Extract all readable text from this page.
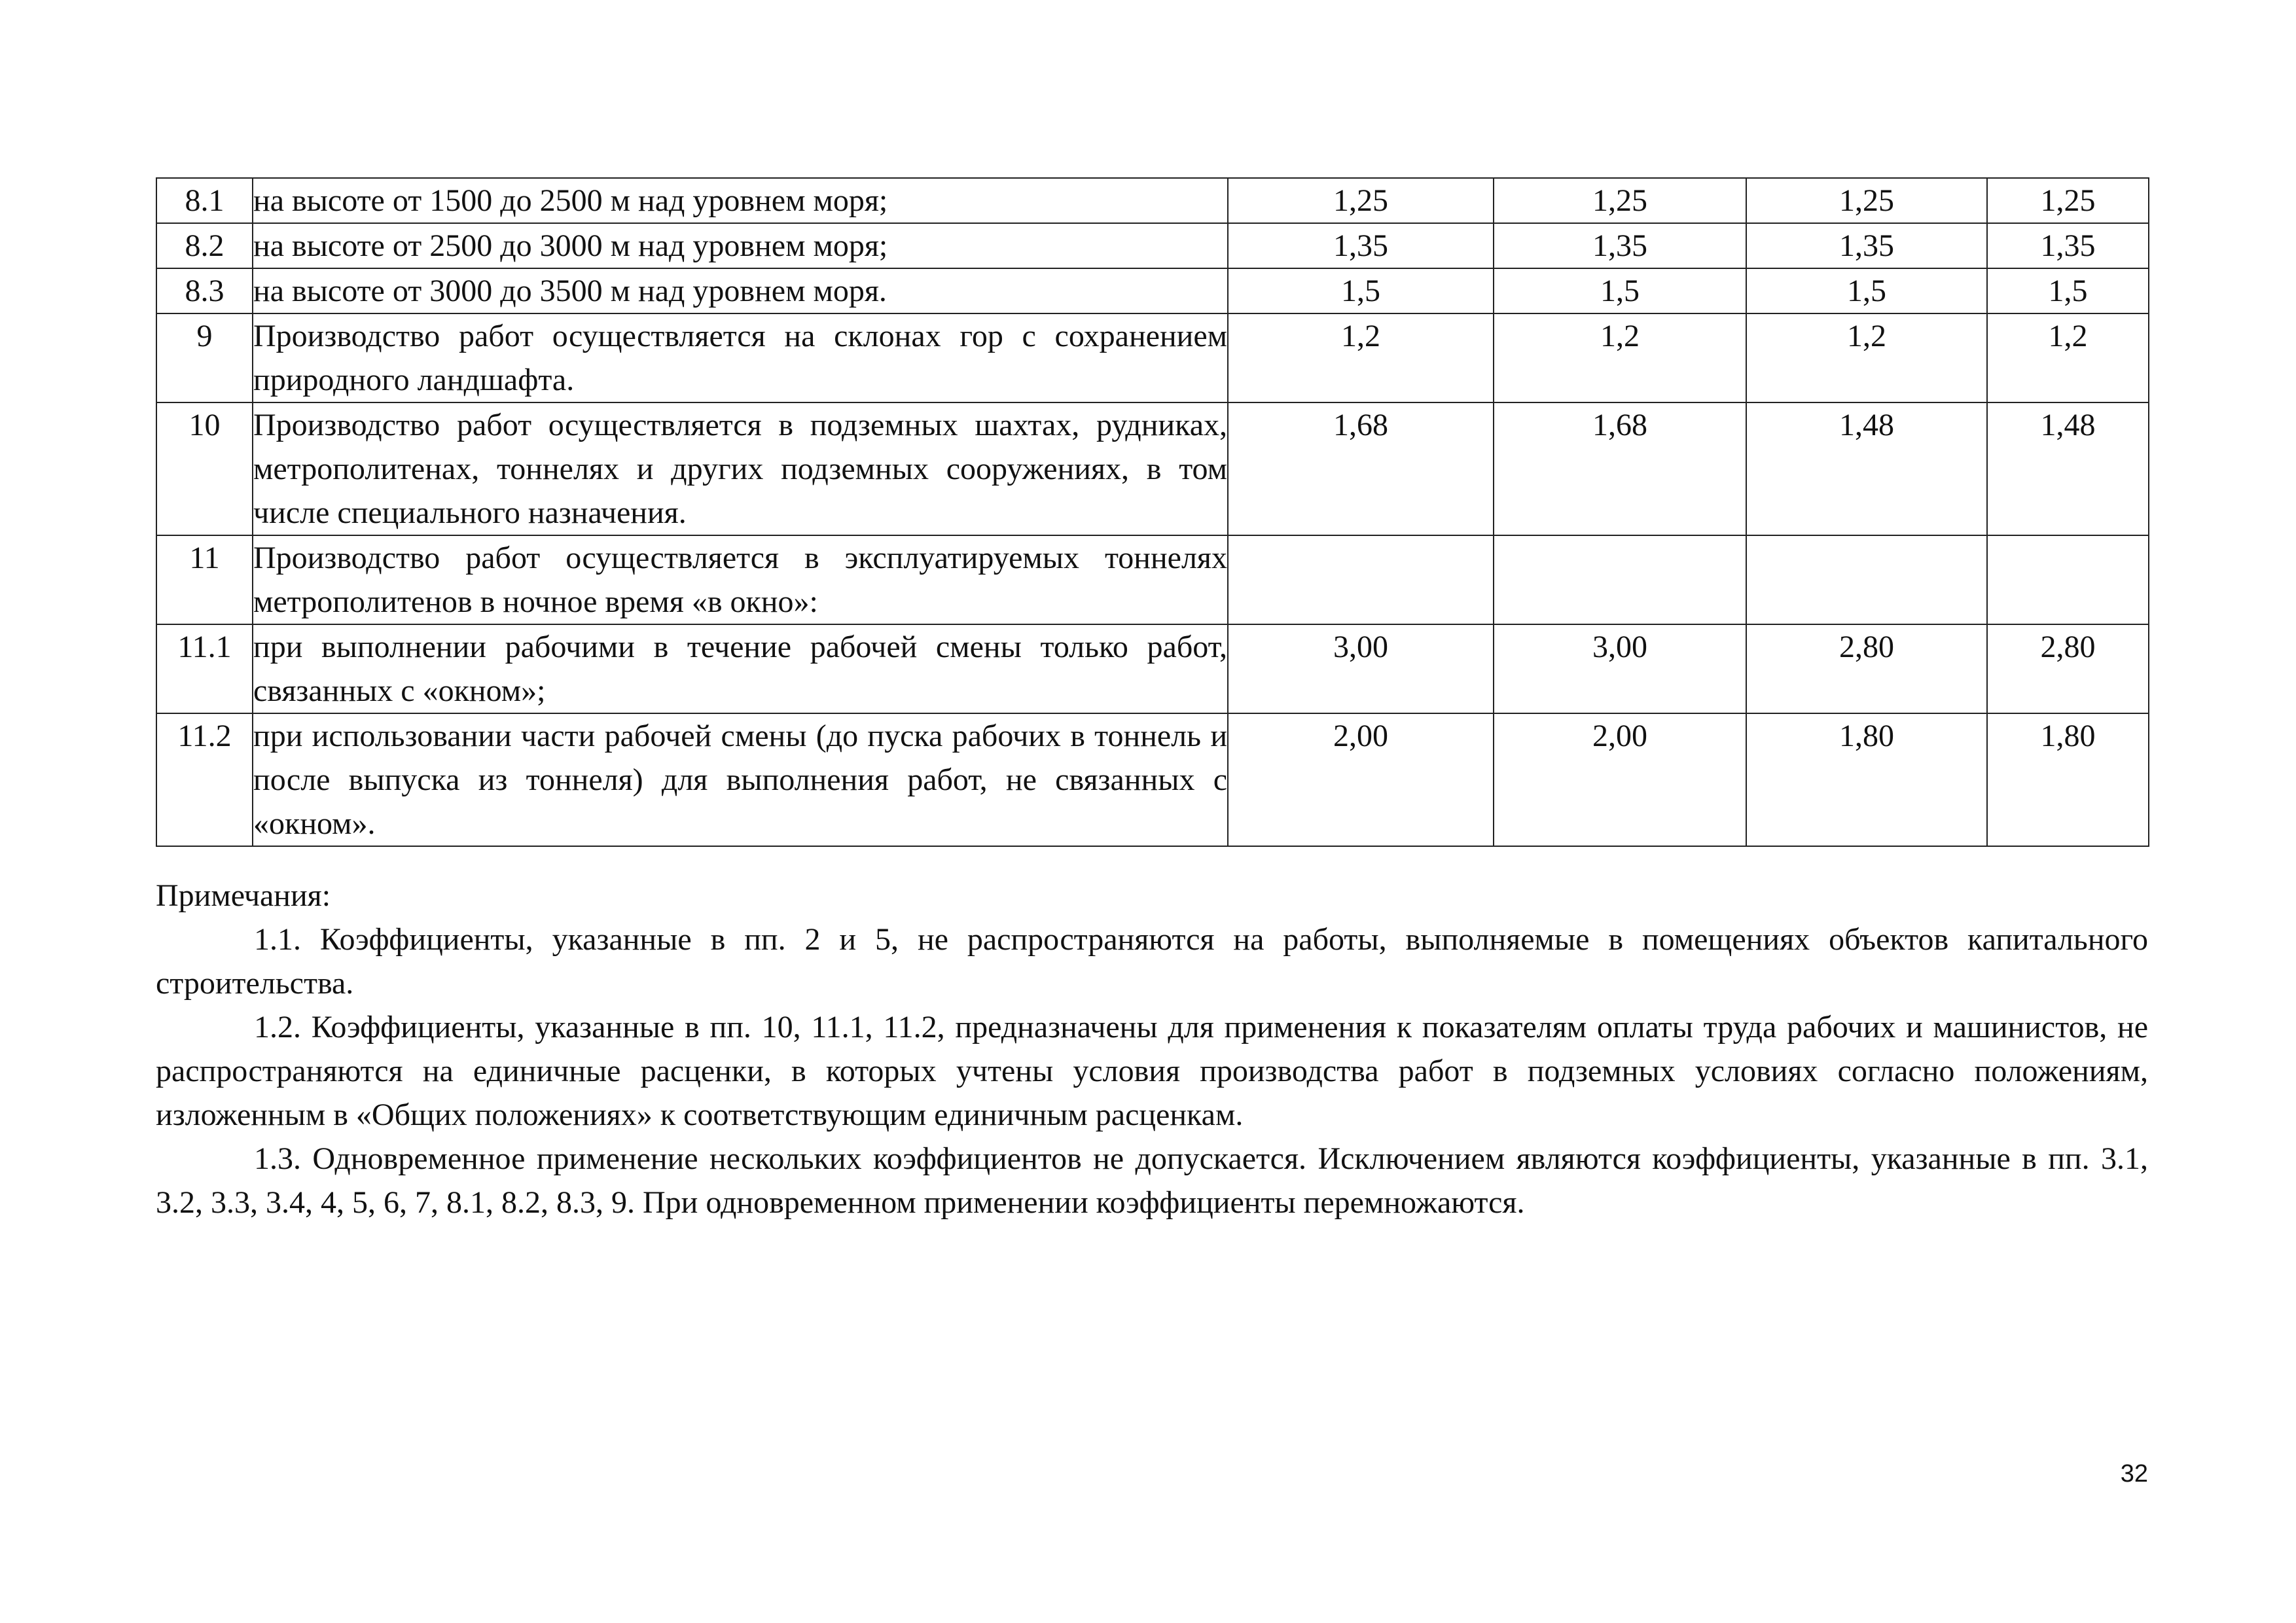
8.1	на высоте от 1500 до 2500 м над уровнем моря;	1,25	1,25	1,25	1,25
8.2	на высоте от 2500 до 3000 м над уровнем моря;	1,35	1,35	1,35	1,35
8.3	на высоте от 3000 до 3500 м над уровнем моря.	1,5	1,5	1,5	1,5
9	Производство работ осуществляется на склонах гор с сохранением природного ландшафта.	1,2	1,2	1,2	1,2
10	Производство работ осуществляется в подземных шахтах, рудниках, метрополитенах, тоннелях и других подземных сооружениях, в том числе специального назначения.	1,68	1,68	1,48	1,48
11	Производство работ осуществляется в эксплуатируемых тоннелях метрополитенов в ночное время «в окно»:				
11.1	при выполнении рабочими в течение рабочей смены только работ, связанных с «окном»;	3,00	3,00	2,80	2,80
11.2	при использовании части рабочей смены (до пуска рабочих в тоннель и после выпуска из тоннеля) для выполнения работ, не связанных с «окном».	2,00	2,00	1,80	1,80

Примечания:

1.1. Коэффициенты, указанные в пп. 2 и 5, не распространяются на работы, выполняемые в помещениях объектов капитального строительства.

1.2. Коэффициенты, указанные в пп. 10, 11.1, 11.2, предназначены для применения к показателям оплаты труда рабочих и машинистов, не распространяются на единичные расценки, в которых учтены условия производства работ в подземных условиях согласно положениям, изложенным в «Общих положениях» к соответствующим единичным расценкам.

1.3. Одновременное применение нескольких коэффициентов не допускается. Исключением являются коэффициенты, указанные в пп. 3.1, 3.2, 3.3, 3.4, 4, 5, 6, 7, 8.1, 8.2, 8.3, 9. При одновременном применении коэффициенты перемножаются.

32
